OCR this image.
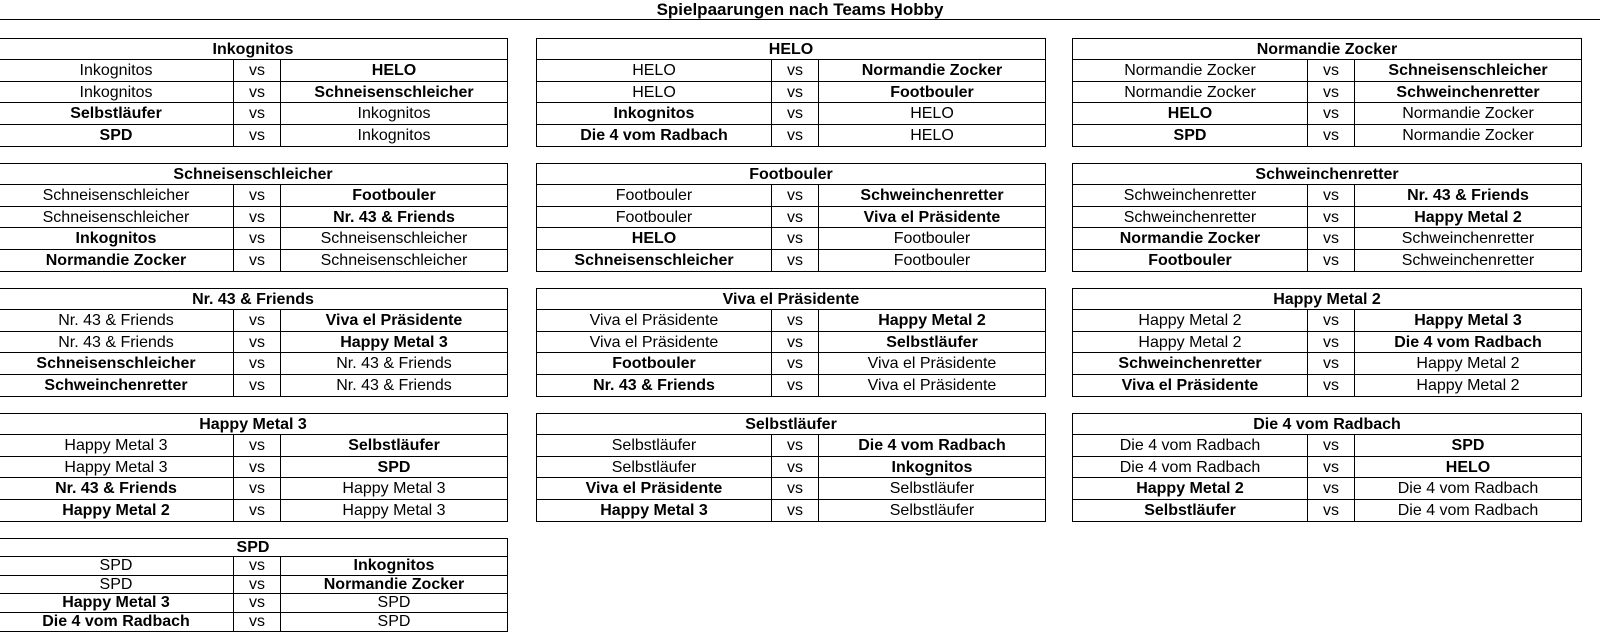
Spielpaarungen nach Teams Hobby
Inkognitos
Inkognitos	vs	HELO
Inkognitos	vs	Schneisenschleicher
Selbstläufer	vs	Inkognitos
SPD	vs	Inkognitos
HELO
HELO	vs	Normandie Zocker
HELO	vs	Footbouler
Inkognitos	vs	HELO
Die 4 vom Radbach	vs	HELO
Normandie Zocker
Normandie Zocker	vs	Schneisenschleicher
Normandie Zocker	vs	Schweinchenretter
HELO	vs	Normandie Zocker
SPD	vs	Normandie Zocker
Schneisenschleicher
Schneisenschleicher	vs	Footbouler
Schneisenschleicher	vs	Nr. 43 & Friends
Inkognitos	vs	Schneisenschleicher
Normandie Zocker	vs	Schneisenschleicher
Footbouler
Footbouler	vs	Schweinchenretter
Footbouler	vs	Viva el Präsidente
HELO	vs	Footbouler
Schneisenschleicher	vs	Footbouler
Schweinchenretter
Schweinchenretter	vs	Nr. 43 & Friends
Schweinchenretter	vs	Happy Metal 2
Normandie Zocker	vs	Schweinchenretter
Footbouler	vs	Schweinchenretter
Nr. 43 & Friends
Nr. 43 & Friends	vs	Viva el Präsidente
Nr. 43 & Friends	vs	Happy Metal 3
Schneisenschleicher	vs	Nr. 43 & Friends
Schweinchenretter	vs	Nr. 43 & Friends
Viva el Präsidente
Viva el Präsidente	vs	Happy Metal 2
Viva el Präsidente	vs	Selbstläufer
Footbouler	vs	Viva el Präsidente
Nr. 43 & Friends	vs	Viva el Präsidente
Happy Metal 2
Happy Metal 2	vs	Happy Metal 3
Happy Metal 2	vs	Die 4 vom Radbach
Schweinchenretter	vs	Happy Metal 2
Viva el Präsidente	vs	Happy Metal 2
Happy Metal 3
Happy Metal 3	vs	Selbstläufer
Happy Metal 3	vs	SPD
Nr. 43 & Friends	vs	Happy Metal 3
Happy Metal 2	vs	Happy Metal 3
Selbstläufer
Selbstläufer	vs	Die 4 vom Radbach
Selbstläufer	vs	Inkognitos
Viva el Präsidente	vs	Selbstläufer
Happy Metal 3	vs	Selbstläufer
Die 4 vom Radbach
Die 4 vom Radbach	vs	SPD
Die 4 vom Radbach	vs	HELO
Happy Metal 2	vs	Die 4 vom Radbach
Selbstläufer	vs	Die 4 vom Radbach
SPD
SPD	vs	Inkognitos
SPD	vs	Normandie Zocker
Happy Metal 3	vs	SPD
Die 4 vom Radbach	vs	SPD
